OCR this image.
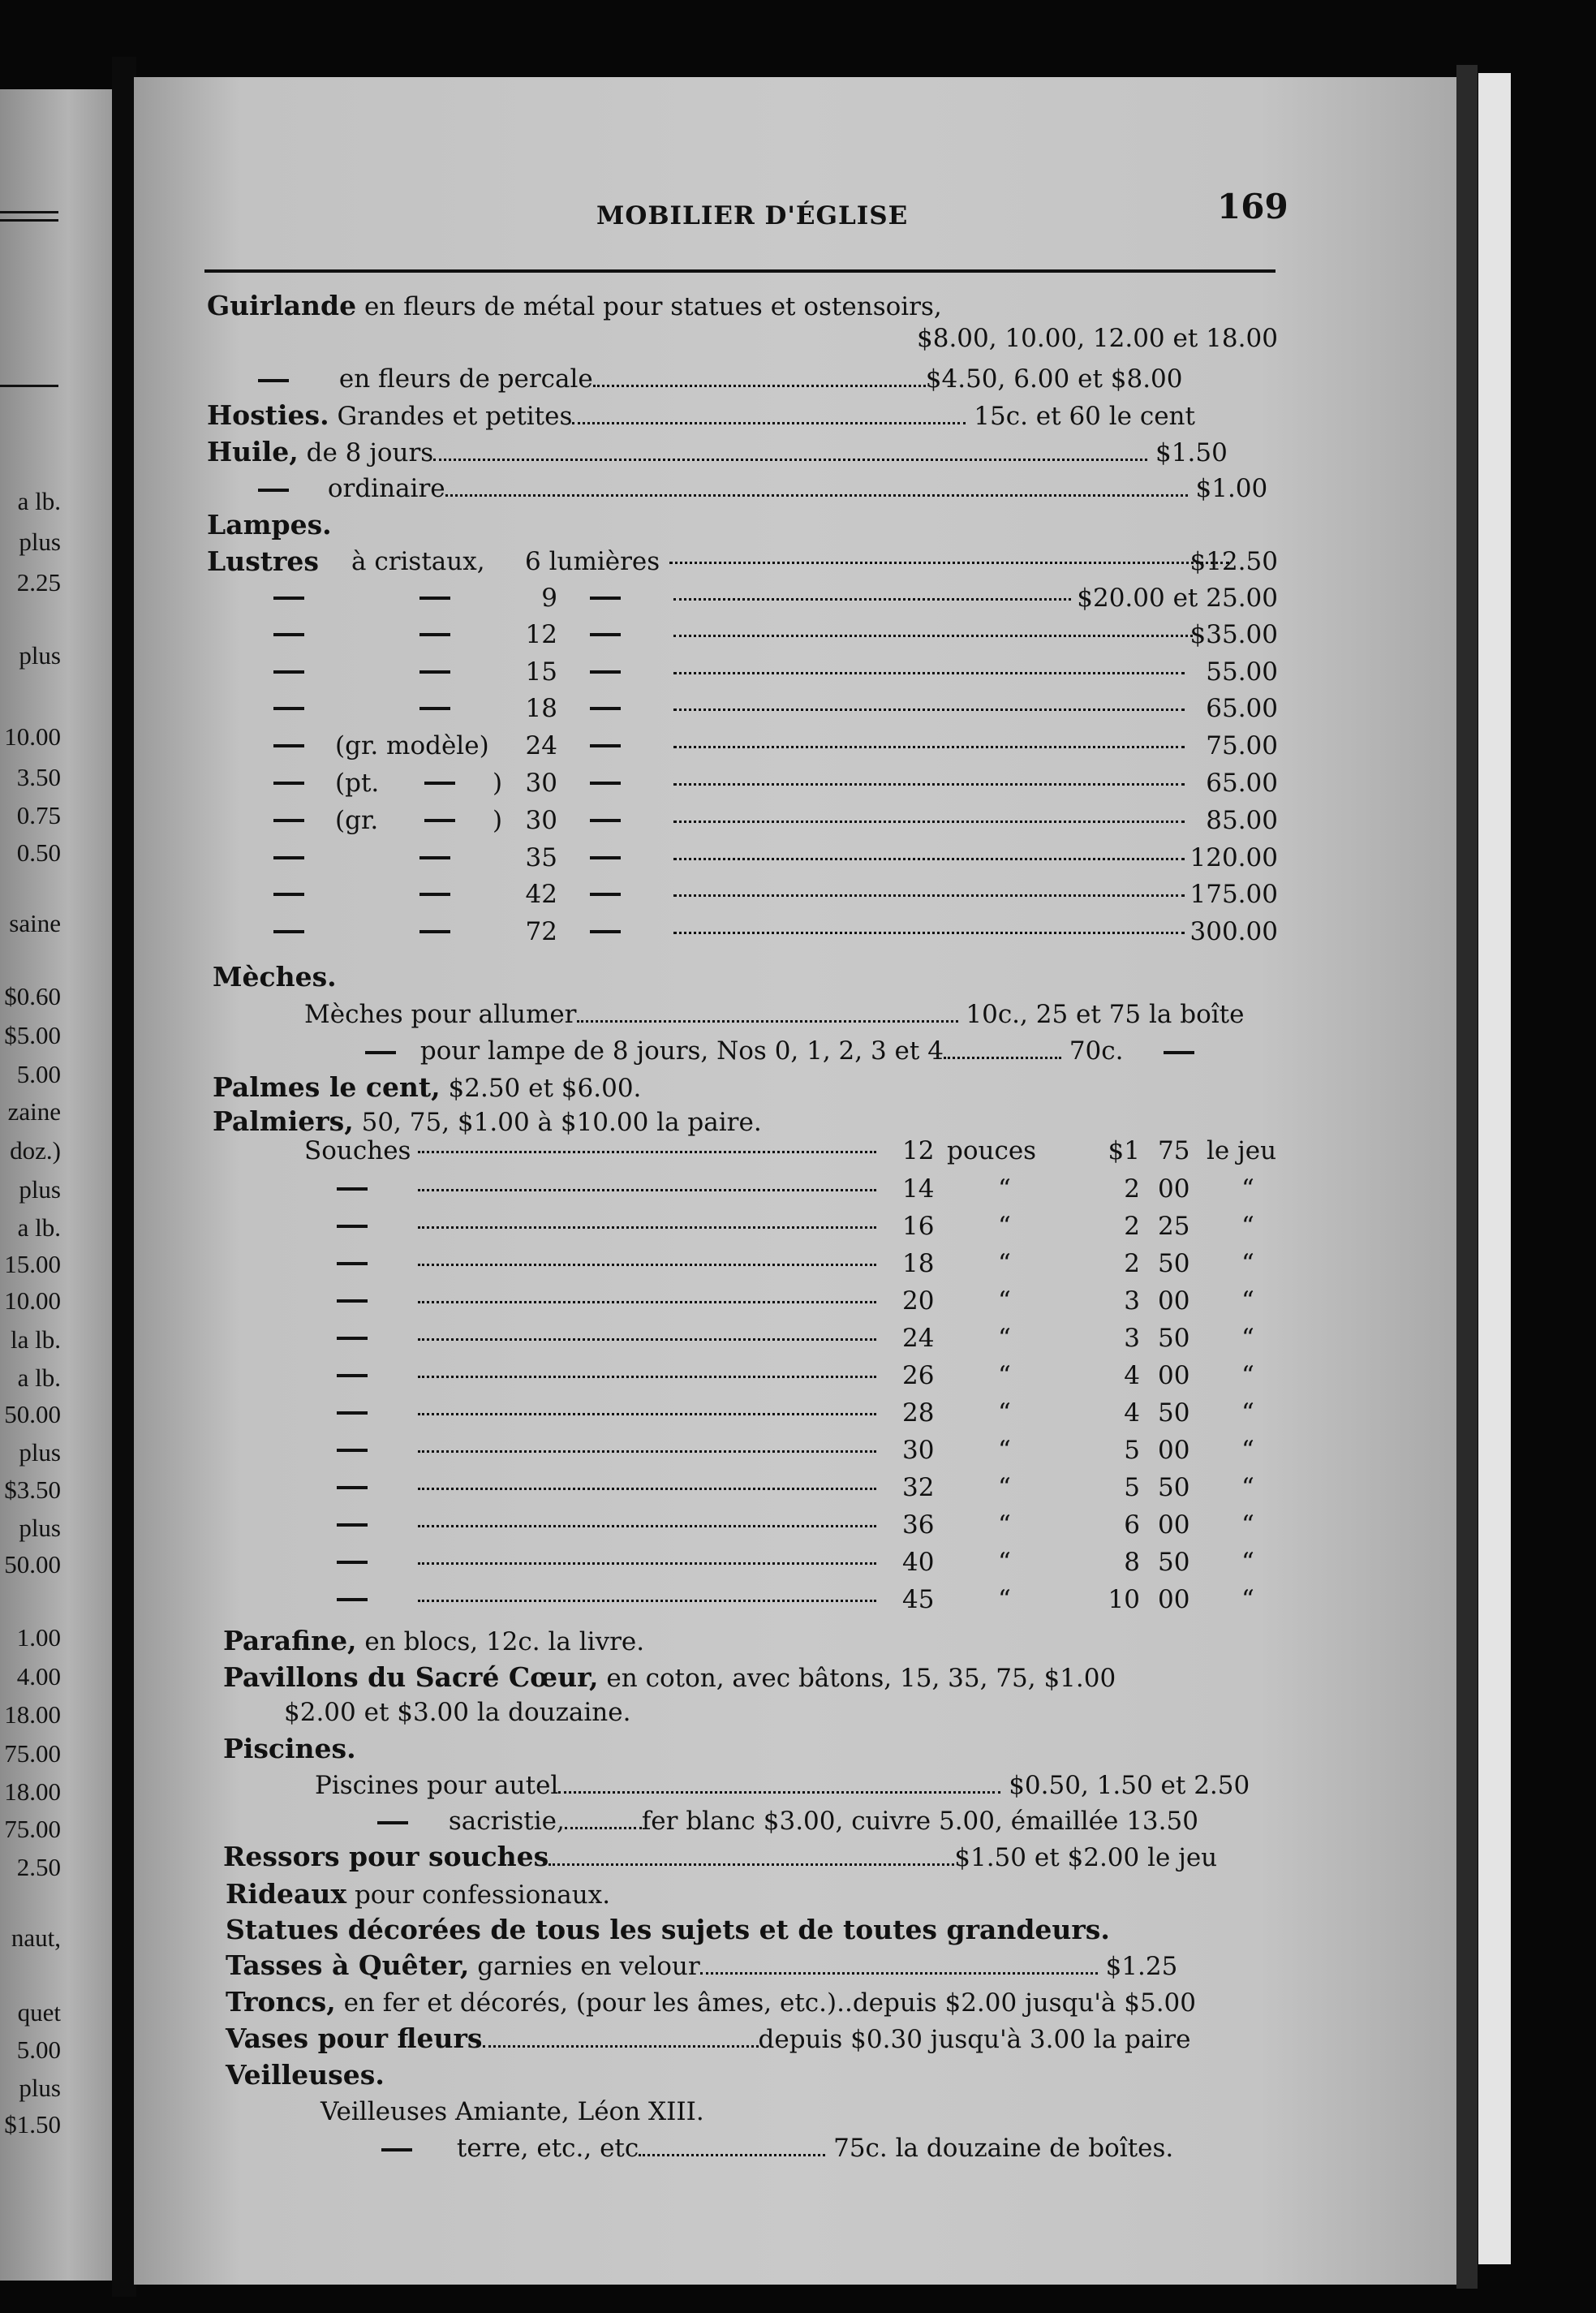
a lb.
plus
2.25
plus
10.00
3.50
0.75
0.50
saine
$0.60
$5.00
5.00
zaine
doz.)
plus
a lb.
15.00
10.00
la lb.
a lb.
50.00
plus
$3.50
plus
50.00
1.00
4.00
18.00
75.00
18.00
75.00
2.50
naut,
quet
5.00
plus
$1.50
MOBILIER D'ÉGLISE	169
Guirlande en fleurs de métal pour statues et ostensoirs,
$8.00, 10.00, 12.00 et 18.00
en fleurs de percale	$4.50, 6.00 et $8.00
Hosties. Grandes et petites	15c. et 60 le cent
Huile, de 8 jours	$1.50
ordinaire	$1.00
Lampes.
Lustres à cristaux, 6 lumières	$12.50
9	$20.00 et 25.00
12	$35.00
15	55.00
18	65.00
(gr. modèle)	24	75.00
(pt.	) 30	65.00
(gr.	) 30	85.00
35	120.00
42	175.00
72	300.00
Mèches.
Mèches pour allumer	10c., 25 et 75 la boîte
pour lampe de 8 jours, Nos 0, 1, 2, 3 et 4	70c.
Palmes le cent, $2.50 et $6.00.
Palmiers, 50, 75, $1.00 à $10.00 la paire.
Souches	12 pouces	$1 75 le jeu
14	“	2 00 “
16	“	2 25 “
18	“	2 50 “
20	“	3 00 “
24	“	3 50 “
26	“	4 00 “
28	“	4 50 “
30	“	5 00 “
32	“	5 50 “
36	“	6 00 “
40	“	8 50 “
45	“	10 00 “
Parafine, en blocs, 12c. la livre.
Pavillons du Sacré Cœur, en coton, avec bâtons, 15, 35, 75, $1.00
$2.00 et $3.00 la douzaine.
Piscines.
Piscines pour autel	$0.50, 1.50 et 2.50
sacristie,	fer blanc $3.00, cuivre 5.00, émaillée 13.50
Ressors pour souches	$1.50 et $2.00 le jeu
Rideaux pour confessionaux.
Statues décorées de tous les sujets et de toutes grandeurs.
Tasses à Quêter, garnies en velour	$1.25
Troncs, en fer et décorés, (pour les âmes, etc.)..depuis $2.00 jusqu'à $5.00
Vases pour fleurs	depuis $0.30 jusqu'à 3.00 la paire
Veilleuses.
Veilleuses Amiante, Léon XIII.
terre, etc., etc	75c. la douzaine de boîtes.
